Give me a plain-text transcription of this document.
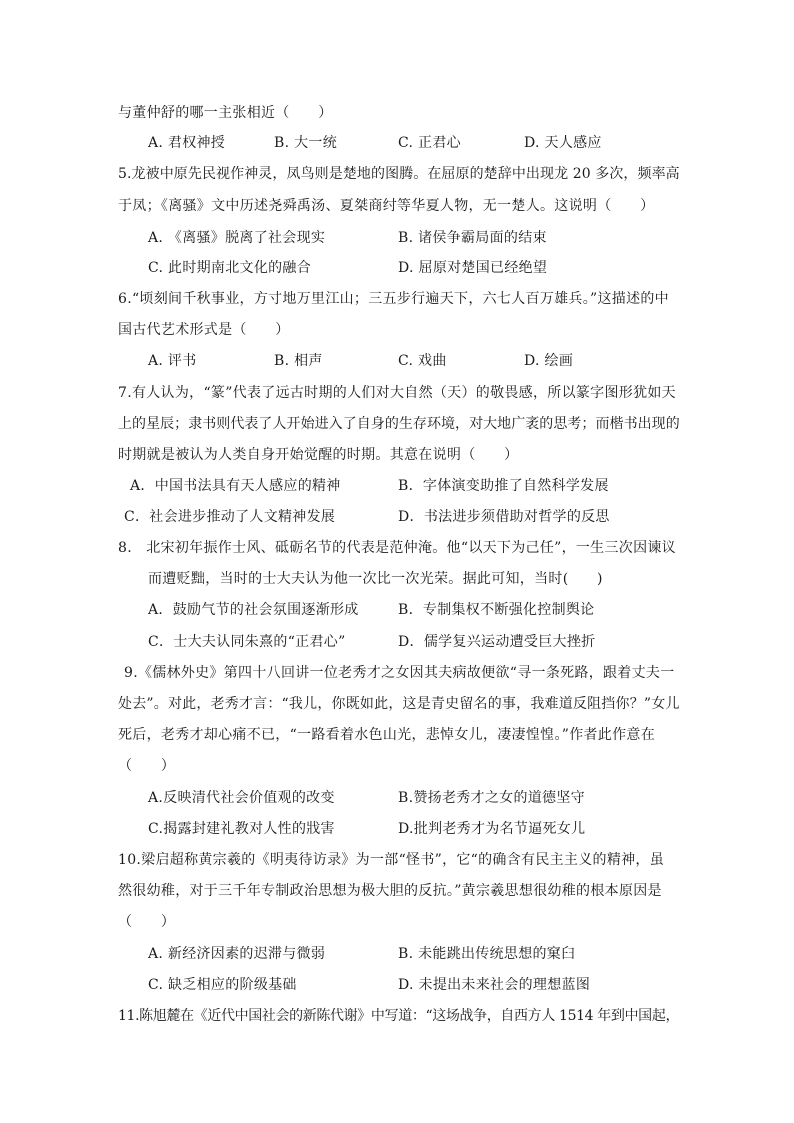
与董仲舒的哪一主张相近（　　）
A. 君权神授	B. 大一统	C. 正君心	D. 天人感应
5.龙被中原先民视作神灵，凤鸟则是楚地的图腾。在屈原的楚辞中出现龙 20 多次，频率高
于凤；《离骚》文中历述尧舜禹汤、夏桀商纣等华夏人物，无一楚人。这说明（　　）
A. 《离骚》脱离了社会现实	B. 诸侯争霸局面的结束
C. 此时期南北文化的融合	D. 屈原对楚国已经绝望
6.“顷刻间千秋事业，方寸地万里江山；三五步行遍天下，六七人百万雄兵。”这描述的中
国古代艺术形式是（　　）
A. 评书	B. 相声	C. 戏曲	D. 绘画
7.有人认为，“篆”代表了远古时期的人们对大自然（天）的敬畏感，所以篆字图形犹如天
上的星辰；隶书则代表了人开始进入了自身的生存环境，对大地广袤的思考；而楷书出现的
时期就是被认为人类自身开始觉醒的时期。其意在说明（　　）
A．中国书法具有天人感应的精神	B．字体演变助推了自然科学发展
C．社会进步推动了人文精神发展	D．书法进步须借助对哲学的反思
8.　北宋初年振作士风、砥砺名节的代表是范仲淹。他“以天下为己任”，一生三次因谏议
而遭贬黜，当时的士大夫认为他一次比一次光荣。据此可知，当时(　　)
A．鼓励气节的社会氛围逐渐形成	B．专制集权不断强化控制舆论
C．士大夫认同朱熹的“正君心”	D．儒学复兴运动遭受巨大挫折
9.《儒林外史》第四十八回讲一位老秀才之女因其夫病故便欲“寻一条死路，跟着丈夫一
处去”。对此，老秀才言：“我儿，你既如此，这是青史留名的事，我难道反阻挡你？”女儿
死后，老秀才却心痛不已，“一路看着水色山光，悲悼女儿，凄凄惶惶。”作者此作意在
（　　）
A.反映清代社会价值观的改变	B.赞扬老秀才之女的道德坚守
C.揭露封建礼教对人性的戕害	D.批判老秀才为名节逼死女儿
10.梁启超称黄宗羲的《明夷待访录》为一部“怪书”，它“的确含有民主主义的精神，虽
然很幼稚，对于三千年专制政治思想为极大胆的反抗。”黄宗羲思想很幼稚的根本原因是
（　　）
A. 新经济因素的迟滞与微弱	B. 未能跳出传统思想的窠臼
C. 缺乏相应的阶级基础	D. 未提出未来社会的理想蓝图
11.陈旭麓在《近代中国社会的新陈代谢》中写道：“这场战争，自西方人 1514 年到中国起，
